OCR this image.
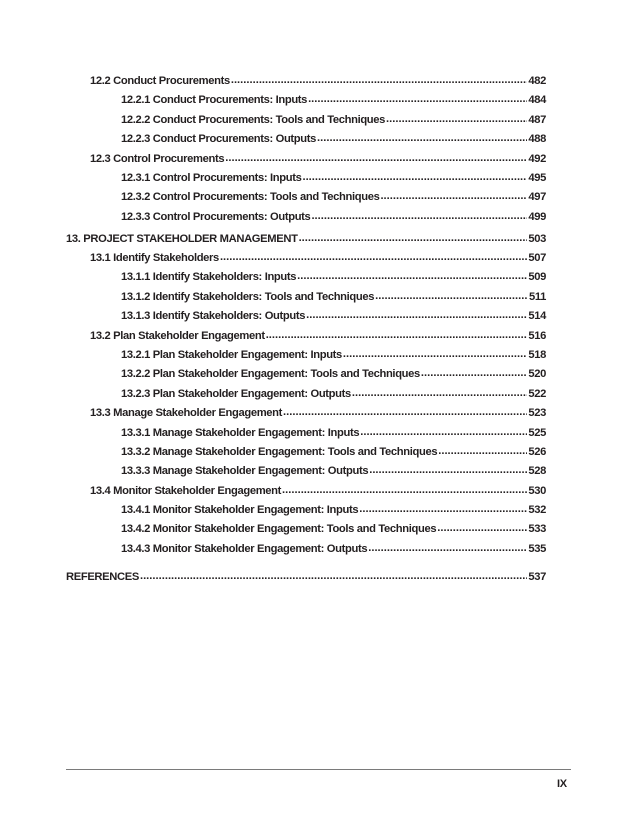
12.2 Conduct Procurements .....	482
12.2.1 Conduct Procurements: Inputs .....	484
12.2.2 Conduct Procurements: Tools and Techniques .....	487
12.2.3 Conduct Procurements: Outputs .....	488
12.3 Control Procurements .....	492
12.3.1 Control Procurements: Inputs .....	495
12.3.2 Control Procurements: Tools and Techniques .....	497
12.3.3 Control Procurements: Outputs .....	499
13. PROJECT STAKEHOLDER MANAGEMENT .....	503
13.1 Identify Stakeholders .....	507
13.1.1 Identify Stakeholders: Inputs .....	509
13.1.2 Identify Stakeholders: Tools and Techniques .....	511
13.1.3 Identify Stakeholders: Outputs .....	514
13.2 Plan Stakeholder Engagement .....	516
13.2.1 Plan Stakeholder Engagement: Inputs .....	518
13.2.2 Plan Stakeholder Engagement: Tools and Techniques .....	520
13.2.3 Plan Stakeholder Engagement: Outputs .....	522
13.3 Manage Stakeholder Engagement .....	523
13.3.1 Manage Stakeholder Engagement: Inputs .....	525
13.3.2 Manage Stakeholder Engagement: Tools and Techniques .....	526
13.3.3 Manage Stakeholder Engagement: Outputs .....	528
13.4 Monitor Stakeholder Engagement .....	530
13.4.1 Monitor Stakeholder Engagement: Inputs .....	532
13.4.2 Monitor Stakeholder Engagement: Tools and Techniques .....	533
13.4.3 Monitor Stakeholder Engagement: Outputs .....	535
REFERENCES .....	537
IX
